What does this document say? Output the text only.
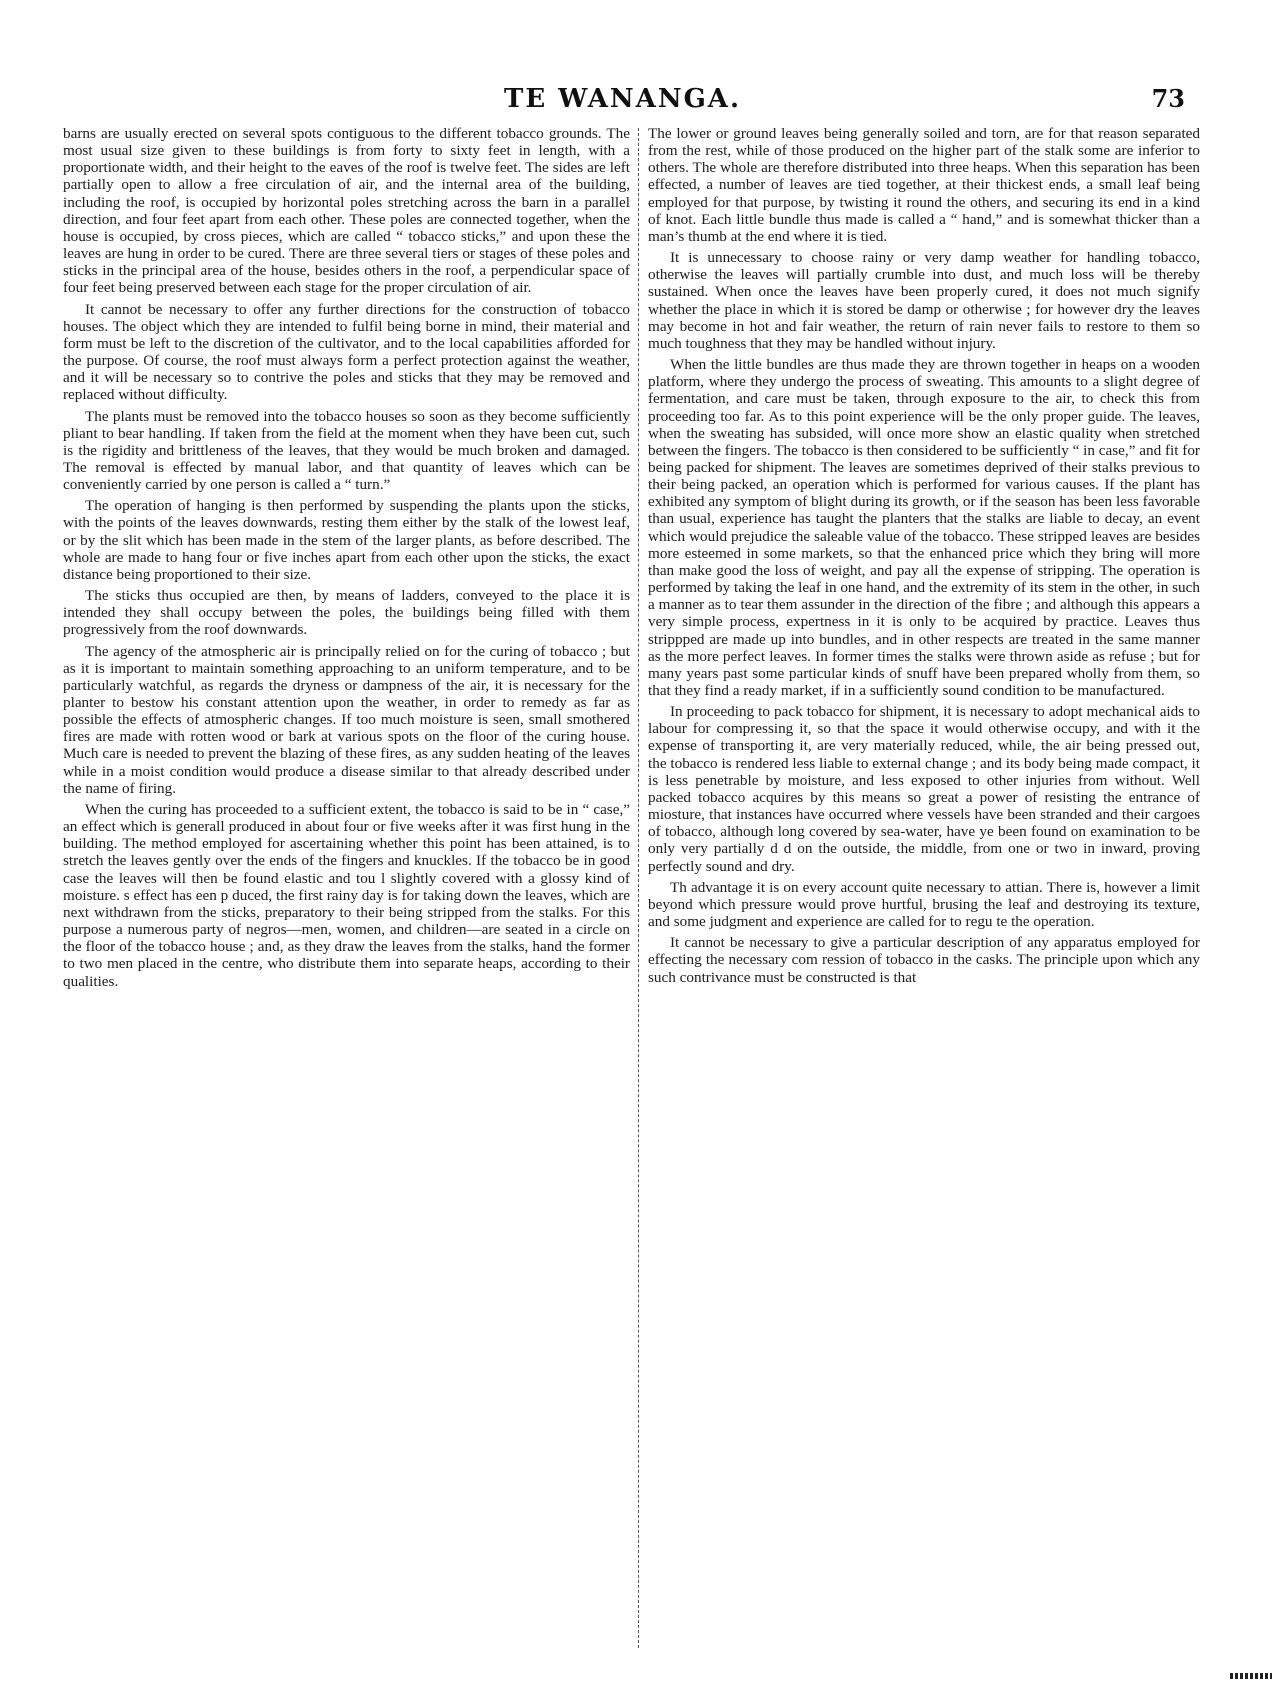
TE WANANGA.	73

barns are usually erected on several spots contiguous to the different tobacco grounds. The most usual size given to these buildings is from forty to sixty feet in length, with a proportionate width, and their height to the eaves of the roof is twelve feet. The sides are left partially open to allow a free circulation of air, and the internal area of the building, including the roof, is occupied by horizontal poles stretching across the barn in a parallel direction, and four feet apart from each other. These poles are connected together, when the house is occupied, by cross pieces, which are called “ tobacco sticks,” and upon these the leaves are hung in order to be cured. There are three several tiers or stages of these poles and sticks in the principal area of the house, besides others in the roof, a perpendicular space of four feet being preserved between each stage for the proper circulation of air.

It cannot be necessary to offer any further directions for the construction of tobacco houses. The object which they are intended to fulfil being borne in mind, their material and form must be left to the discretion of the cultivator, and to the local capabilities afforded for the purpose. Of course, the roof must always form a perfect protection against the weather, and it will be necessary so to contrive the poles and sticks that they may be removed and replaced without difficulty.

The plants must be removed into the tobacco houses so soon as they become sufficiently pliant to bear handling. If taken from the field at the moment when they have been cut, such is the rigidity and brittleness of the leaves, that they would be much broken and damaged. The removal is effected by manual labor, and that quantity of leaves which can be conveniently carried by one person is called a “ turn.”

The operation of hanging is then performed by suspending the plants upon the sticks, with the points of the leaves downwards, resting them either by the stalk of the lowest leaf, or by the slit which has been made in the stem of the larger plants, as before described. The whole are made to hang four or five inches apart from each other upon the sticks, the exact distance being proportioned to their size.

The sticks thus occupied are then, by means of ladders, conveyed to the place it is intended they shall occupy between the poles, the buildings being filled with them progressively from the roof downwards.

The agency of the atmospheric air is principally relied on for the curing of tobacco ; but as it is important to maintain something approaching to an uniform temperature, and to be particularly watchful, as regards the dryness or dampness of the air, it is necessary for the planter to bestow his constant attention upon the weather, in order to remedy as far as possible the effects of atmospheric changes. If too much moisture is seen, small smothered fires are made with rotten wood or bark at various spots on the floor of the curing house. Much care is needed to prevent the blazing of these fires, as any sudden heating of the leaves while in a moist condition would produce a disease similar to that already described under the name of firing.

When the curing has proceeded to a sufficient extent, the tobacco is said to be in “ case,” an effect which is generall produced in about four or five weeks after it was first hung in the building. The method employed for ascertaining whether this point has been attained, is to stretch the leaves gently over the ends of the fingers and knuckles. If the tobacco be in good case the leaves will then be found elastic and tou l slightly covered with a glossy kind of moisture. s effect has een p duced, the first rainy day is for taking down the leaves, which are next withdrawn from the sticks, preparatory to their being stripped from the stalks. For this purpose a numerous party of negros—men, women, and children—are seated in a circle on the floor of the tobacco house ; and, as they draw the leaves from the stalks, hand the former to two men placed in the centre, who distribute them into separate heaps, according to their qualities.

The lower or ground leaves being generally soiled and torn, are for that reason separated from the rest, while of those produced on the higher part of the stalk some are inferior to others. The whole are therefore distributed into three heaps. When this separation has been effected, a number of leaves are tied together, at their thickest ends, a small leaf being employed for that purpose, by twisting it round the others, and securing its end in a kind of knot. Each little bundle thus made is called a “ hand,” and is somewhat thicker than a man’s thumb at the end where it is tied.

It is unnecessary to choose rainy or very damp weather for handling tobacco, otherwise the leaves will partially crumble into dust, and much loss will be thereby sustained. When once the leaves have been properly cured, it does not much signify whether the place in which it is stored be damp or otherwise ; for however dry the leaves may become in hot and fair weather, the return of rain never fails to restore to them so much toughness that they may be handled without injury.

When the little bundles are thus made they are thrown together in heaps on a wooden platform, where they undergo the process of sweating. This amounts to a slight degree of fermentation, and care must be taken, through exposure to the air, to check this from proceeding too far. As to this point experience will be the only proper guide. The leaves, when the sweating has subsided, will once more show an elastic quality when stretched between the fingers. The tobacco is then considered to be sufficiently “ in case,” and fit for being packed for shipment. The leaves are sometimes deprived of their stalks previous to their being packed, an operation which is performed for various causes. If the plant has exhibited any symptom of blight during its growth, or if the season has been less favorable than usual, experience has taught the planters that the stalks are liable to decay, an event which would prejudice the saleable value of the tobacco. These stripped leaves are besides more esteemed in some markets, so that the enhanced price which they bring will more than make good the loss of weight, and pay all the expense of stripping. The operation is performed by taking the leaf in one hand, and the extremity of its stem in the other, in such a manner as to tear them assunder in the direction of the fibre ; and although this appears a very simple process, expertness in it is only to be acquired by practice. Leaves thus strippped are made up into bundles, and in other respects are treated in the same manner as the more perfect leaves. In former times the stalks were thrown aside as refuse ; but for many years past some particular kinds of snuff have been prepared wholly from them, so that they find a ready market, if in a sufficiently sound condition to be manufactured.

In proceeding to pack tobacco for shipment, it is necessary to adopt mechanical aids to labour for compressing it, so that the space it would otherwise occupy, and with it the expense of transporting it, are very materially reduced, while, the air being pressed out, the tobacco is rendered less liable to external change ; and its body being made compact, it is less penetrable by moisture, and less exposed to other injuries from without. Well packed tobacco acquires by this means so great a power of resisting the entrance of miosture, that instances have occurred where vessels have been stranded and their cargoes of tobacco, although long covered by sea-water, have ye been found on examination to be only very partially d d on the outside, the middle, from one or two in inward, proving perfectly sound and dry.

Th advantage it is on every account quite necessary to attian. There is, however a limit beyond which pressure would prove hurtful, brusing the leaf and destroying its texture, and some judgment and experience are called for to regu te the operation.

It cannot be necessary to give a particular description of any apparatus employed for effecting the necessary com ression of tobacco in the casks. The principle upon which any such contrivance must be constructed is that
